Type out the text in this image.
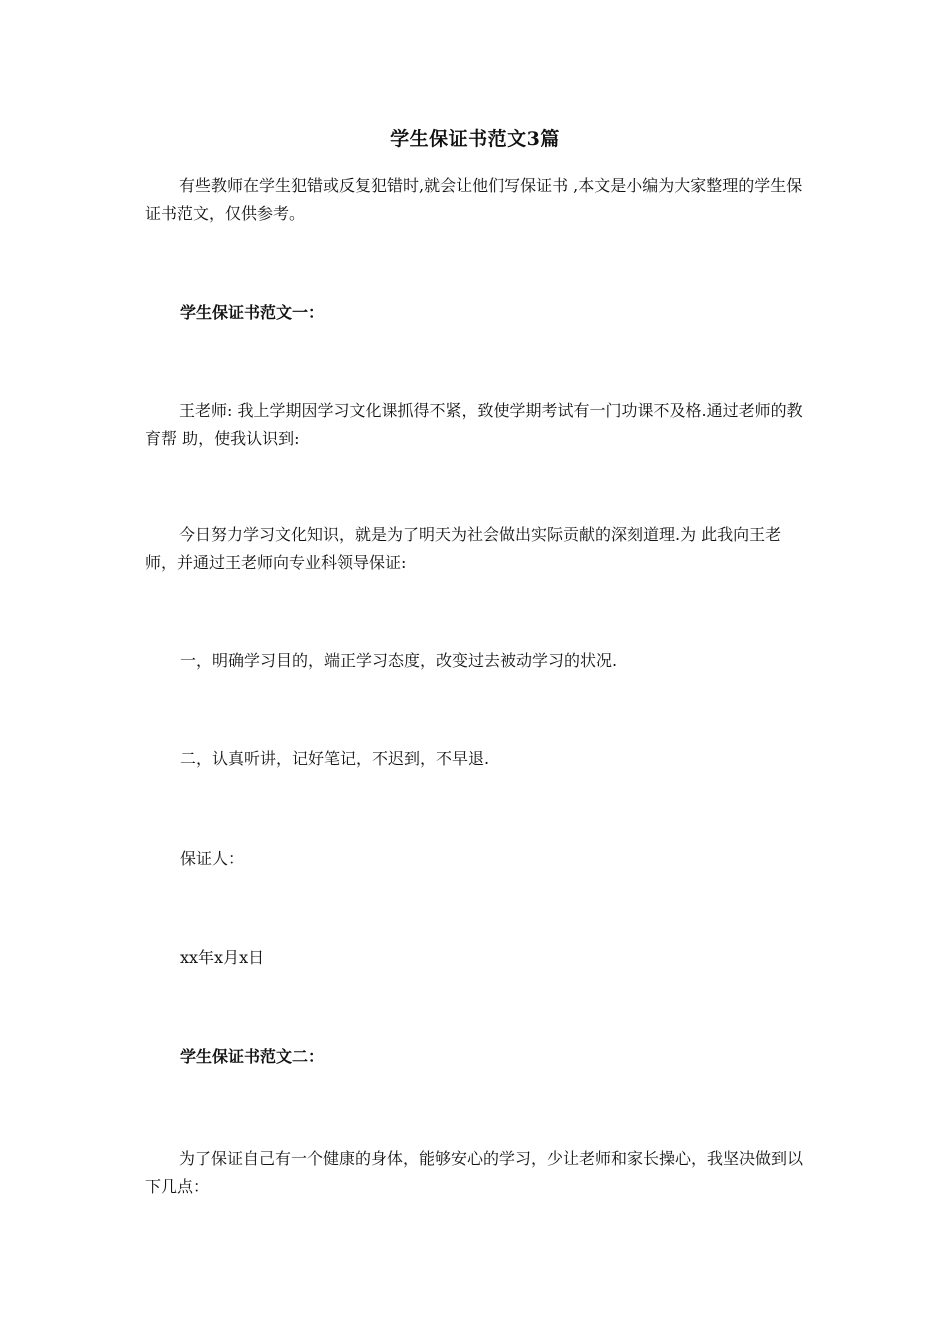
学生保证书范文3篇
有些教师在学生犯错或反复犯错时,就会让他们写保证书 ,本文是小编为大家整理的学生保证书范文，仅供参考。
学生保证书范文一：
王老师: 我上学期因学习文化课抓得不紧，致使学期考试有一门功课不及格.通过老师的教育帮 助，使我认识到:
今日努力学习文化知识，就是为了明天为社会做出实际贡献的深刻道理.为 此我向王老师，并通过王老师向专业科领导保证:
一，明确学习目的，端正学习态度，改变过去被动学习的状况.
二，认真听讲，记好笔记，不迟到，不早退.
保证人：
xx年x月x日
学生保证书范文二：
为了保证自己有一个健康的身体，能够安心的学习，少让老师和家长操心，我坚决做到以下几点：
